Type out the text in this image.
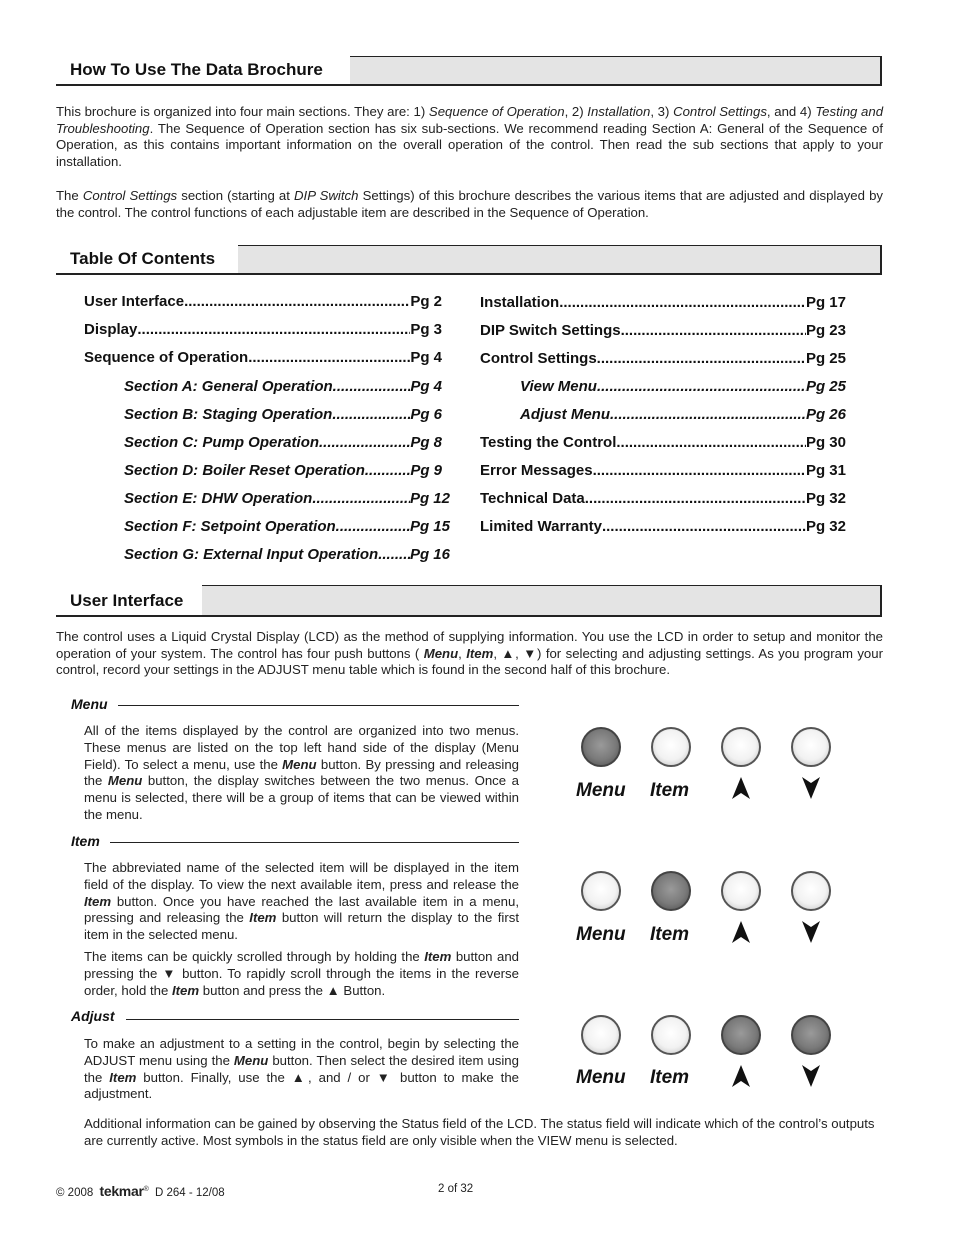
How To Use The Data Brochure

This brochure is organized into four main sections. They are: 1) Sequence of Operation, 2) Installation, 3) Control Settings, and 4) Testing and Troubleshooting. The Sequence of Operation section has six sub-sections. We recommend reading Section A: General of the Sequence of Operation, as this contains important information on the overall operation of the control. Then read the sub sections that apply to your installation.

The Control Settings section (starting at DIP Switch Settings) of this brochure describes the various items that are adjusted and displayed by the control. The control functions of each adjustable item are described in the Sequence of Operation.

Table Of Contents
User Interface .....	Pg 2
Display .....	Pg 3
Sequence of Operation .....	Pg 4
Section A: General Operation .....	Pg 4
Section B: Staging Operation .....	Pg 6
Section C: Pump Operation .....	Pg 8
Section D: Boiler Reset Operation .....	Pg 9
Section E: DHW Operation .....	Pg 12
Section F: Setpoint Operation .....	Pg 15
Section G: External Input Operation ..... Pg 16
Installation .....	Pg 17
DIP Switch Settings .....	Pg 23
Control Settings .....	Pg 25
View Menu .....	Pg 25
Adjust Menu .....	Pg 26
Testing the Control .....	Pg 30
Error Messages .....	Pg 31
Technical Data .....	Pg 32
Limited Warranty .....	Pg 32
User Interface

The control uses a Liquid Crystal Display (LCD) as the method of supplying information. You use the LCD in order to setup and monitor the operation of your system. The control has four push buttons ( Menu, Item, ▲, ▼) for selecting and adjusting settings. As you program your control, record your settings in the ADJUST menu table which is found in the second half of this brochure.

Menu

All of the items displayed by the control are organized into two menus. These menus are listed on the top left hand side of the display (Menu Field). To select a menu, use the Menu button. By pressing and releasing the Menu button, the display switches between the two menus. Once a menu is selected, there will be a group of items that can be viewed within the menu.

Item

The abbreviated name of the selected item will be displayed in the item field of the display. To view the next available item, press and release the Item button. Once you have reached the last available item in a menu, pressing and releasing the Item button will return the display to the first item in the selected menu.

The items can be quickly scrolled through by holding the Item button and pressing the ▼ button. To rapidly scroll through the items in the reverse order, hold the Item button and press the ▲ Button.

Adjust

To make an adjustment to a setting in the control, begin by selecting the ADJUST menu using the Menu button. Then select the desired item using the Item button. Finally, use the ▲, and / or ▼ button to make the adjustment.

Additional information can be gained by observing the Status field of the LCD. The status field will indicate which of the control’s outputs are currently active. Most symbols in the status field are only visible when the VIEW menu is selected.

Menu Item
Menu Item
Menu Item
© 2008 tekmar® D 264 - 12/08	2 of 32
